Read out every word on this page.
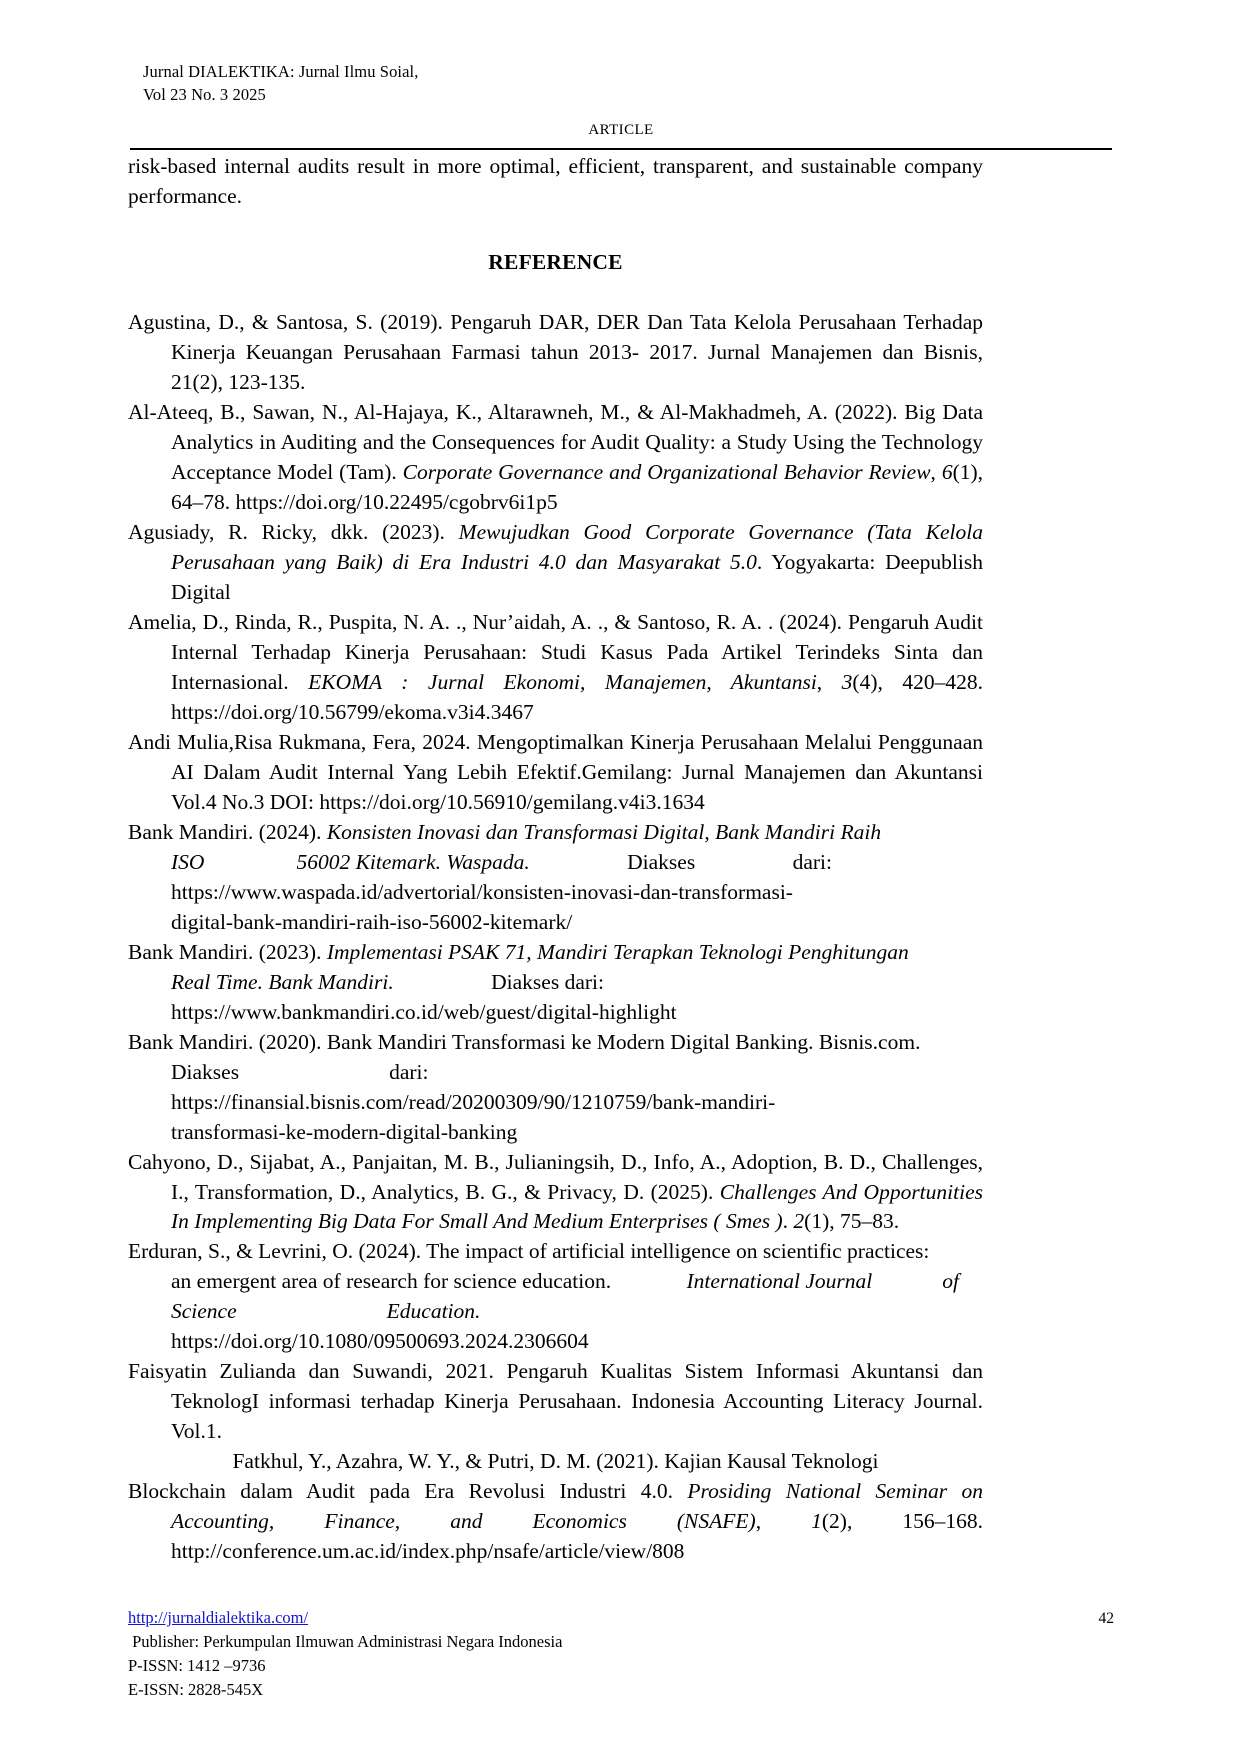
Jurnal DIALEKTIKA: Jurnal Ilmu Soial,
Vol 23 No. 3 2025
ARTICLE

risk-based internal audits result in more optimal, efficient, transparent, and sustainable company performance.

REFERENCE

Agustina, D., & Santosa, S. (2019). Pengaruh DAR, DER Dan Tata Kelola Perusahaan Terhadap Kinerja Keuangan Perusahaan Farmasi tahun 2013- 2017. Jurnal Manajemen dan Bisnis, 21(2), 123-135.

Al-Ateeq, B., Sawan, N., Al-Hajaya, K., Altarawneh, M., & Al-Makhadmeh, A. (2022). Big Data Analytics in Auditing and the Consequences for Audit Quality: a Study Using the Technology Acceptance Model (Tam). Corporate Governance and Organizational Behavior Review, 6(1), 64–78. https://doi.org/10.22495/cgobrv6i1p5

Agusiady, R. Ricky, dkk. (2023). Mewujudkan Good Corporate Governance (Tata Kelola Perusahaan yang Baik) di Era Industri 4.0 dan Masyarakat 5.0. Yogyakarta: Deepublish Digital

Amelia, D., Rinda, R., Puspita, N. A. ., Nur’aidah, A. ., & Santoso, R. A. . (2024). Pengaruh Audit Internal Terhadap Kinerja Perusahaan: Studi Kasus Pada Artikel Terindeks Sinta dan Internasional. EKOMA : Jurnal Ekonomi, Manajemen, Akuntansi, 3(4), 420–428. https://doi.org/10.56799/ekoma.v3i4.3467

Andi Mulia,Risa Rukmana, Fera, 2024. Mengoptimalkan Kinerja Perusahaan Melalui Penggunaan AI Dalam Audit Internal Yang Lebih Efektif.Gemilang: Jurnal Manajemen dan Akuntansi Vol.4 No.3 DOI: https://doi.org/10.56910/gemilang.v4i3.1634

Bank Mandiri. (2024). Konsisten Inovasi dan Transformasi Digital, Bank Mandiri Raih

ISO	56002 Kitemark. Waspada.	Diakses	dari:

https://www.waspada.id/advertorial/konsisten-inovasi-dan-transformasi-

digital-bank-mandiri-raih-iso-56002-kitemark/

Bank Mandiri. (2023). Implementasi PSAK 71, Mandiri Terapkan Teknologi Penghitungan

Real Time. Bank Mandiri.	Diakses dari:

https://www.bankmandiri.co.id/web/guest/digital-highlight

Bank Mandiri. (2020). Bank Mandiri Transformasi ke Modern Digital Banking. Bisnis.com.

Diakses	dari:

https://finansial.bisnis.com/read/20200309/90/1210759/bank-mandiri-

transformasi-ke-modern-digital-banking

Cahyono, D., Sijabat, A., Panjaitan, M. B., Julianingsih, D., Info, A., Adoption, B. D., Challenges, I., Transformation, D., Analytics, B. G., & Privacy, D. (2025). Challenges And Opportunities In Implementing Big Data For Small And Medium Enterprises ( Smes ). 2(1), 75–83.

Erduran, S., & Levrini, O. (2024). The impact of artificial intelligence on scientific practices:

an emergent area of research for science education.	International Journal	of

Science	Education.

https://doi.org/10.1080/09500693.2024.2306604

Faisyatin Zulianda dan Suwandi, 2021. Pengaruh Kualitas Sistem Informasi Akuntansi dan TeknologI informasi terhadap Kinerja Perusahaan. Indonesia Accounting Literacy Journal. Vol.1.

Fatkhul, Y., Azahra, W. Y., & Putri, D. M. (2021). Kajian Kausal Teknologi

Blockchain dalam Audit pada Era Revolusi Industri 4.0. Prosiding National Seminar on Accounting, Finance, and Economics (NSAFE), 1(2), 156–168. http://conference.um.ac.id/index.php/nsafe/article/view/808

http://jurnaldialektika.com/	42
Publisher: Perkumpulan Ilmuwan Administrasi Negara Indonesia
P-ISSN: 1412 –9736
E-ISSN: 2828-545X
